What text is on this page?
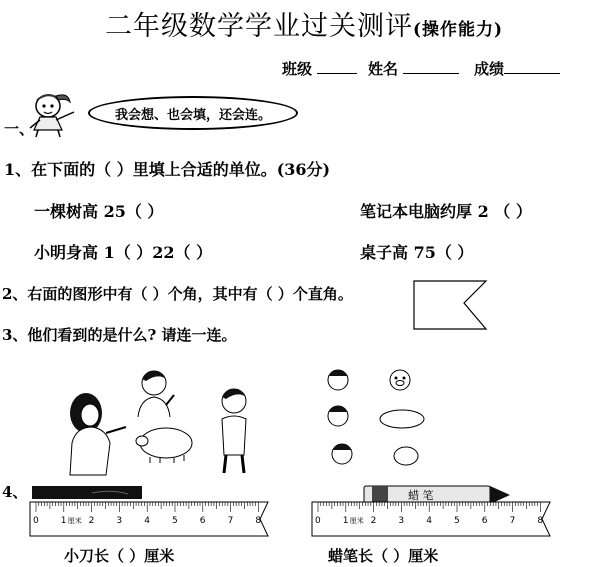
二年级数学学业过关测评(操作能力)
班级	姓名	成绩
一、
我会想、也会填，还会连。
1、在下面的（ ）里填上合适的单位。(36分)
一棵树高 25（ ）	笔记本电脑约厚 2 （ ）
小明身高 1（ ）22（ ）	桌子高 75（ ）
2、右面的图形中有（ ）个角，其中有（ ）个直角。
3、他们看到的是什么? 请连一连。
4、
0 1 2 3 4 5 6 7 8
厘米
蜡 笔
0 1 2 3 4 5 6 7 8
厘米
小刀长（ ）厘米	蜡笔长（ ）厘米
